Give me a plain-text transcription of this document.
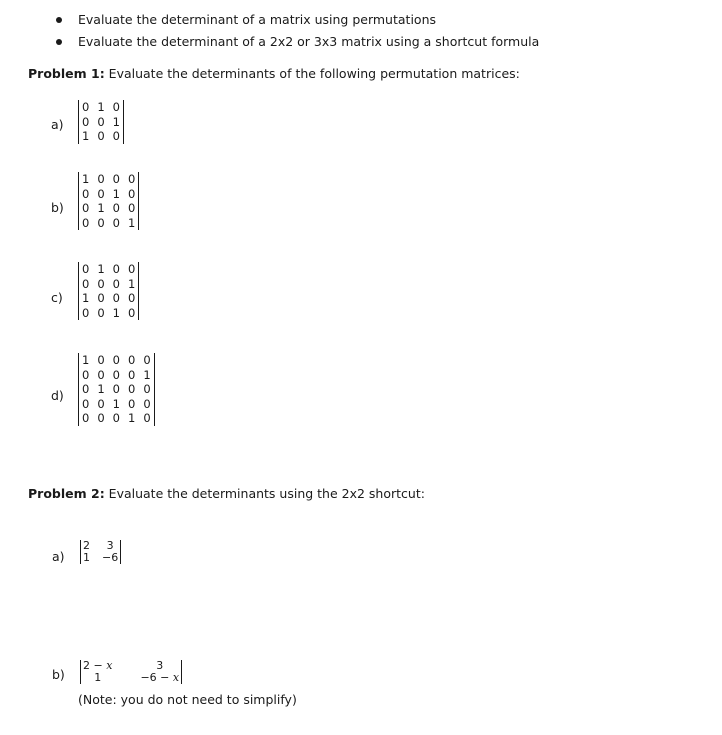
Evaluate the determinant of a matrix using permutations
Evaluate the determinant of a 2x2 or 3x3 matrix using a shortcut formula
Problem 1: Evaluate the determinants of the following permutation matrices:
a)
0	1	0
0	0	1
1	0	0
b)
1	0	0	0
0	0	1	0
0	1	0	0
0	0	0	1
c)
0	1	0	0
0	0	0	1
1	0	0	0
0	0	1	0
d)
1	0	0	0	0
0	0	0	0	1
0	1	0	0	0
0	0	1	0	0
0	0	0	1	0
Problem 2: Evaluate the determinants using the 2x2 shortcut:
a)
2	3
1	−6
b)
2 − x	3
1	−6 − x
(Note: you do not need to simplify)
